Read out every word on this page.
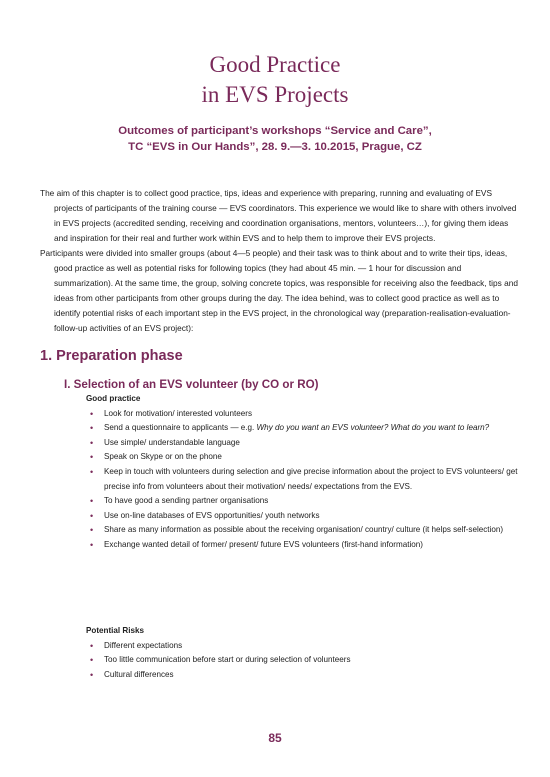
Good Practice
in EVS Projects
Outcomes of participant’s workshops “Service and Care”,
TC “EVS in Our Hands”, 28. 9.—3. 10.2015, Prague, CZ

The aim of this chapter is to collect good practice, tips, ideas and experience with preparing, running and evaluating of EVS projects of participants of the training course — EVS coordinators. This experience we would like to share with others involved in EVS projects (accredited sending, receiving and coordination organisations, mentors, volunteers…), for giving them ideas and inspiration for their real and further work within EVS and to help them to improve their EVS projects.

Participants were divided into smaller groups (about 4—5 people) and their task was to think about and to write their tips, ideas, good practice as well as potential risks for following topics (they had about 45 min. — 1 hour for discussion and summarization). At the same time, the group, solving concrete topics, was responsible for receiving also the feedback, tips and ideas from other participants from other groups during the day. The idea behind, was to collect good practice as well as to identify potential risks of each important step in the EVS project, in the chronological way (preparation-realisation-evaluation-follow-up activities of an EVS project):

1. Preparation phase
I. Selection of an EVS volunteer (by CO or RO)
Good practice
• Look for motivation/ interested volunteers
• Send a questionnaire to applicants — e.g. Why do you want an EVS volunteer? What do you want to learn?
• Use simple/ understandable language
• Speak on Skype or on the phone
• Keep in touch with volunteers during selection and give precise information about the project to EVS volunteers/ get precise info from volunteers about their motivation/ needs/ expectations from the EVS.
• To have good a sending partner organisations
• Use on-line databases of EVS opportunities/ youth networks
• Share as many information as possible about the receiving organisation/ country/ culture (it helps self-selection)
• Exchange wanted detail of former/ present/ future EVS volunteers (first-hand information)
Potential Risks
• Different expectations
• Too little communication before start or during selection of volunteers
• Cultural differences
85
